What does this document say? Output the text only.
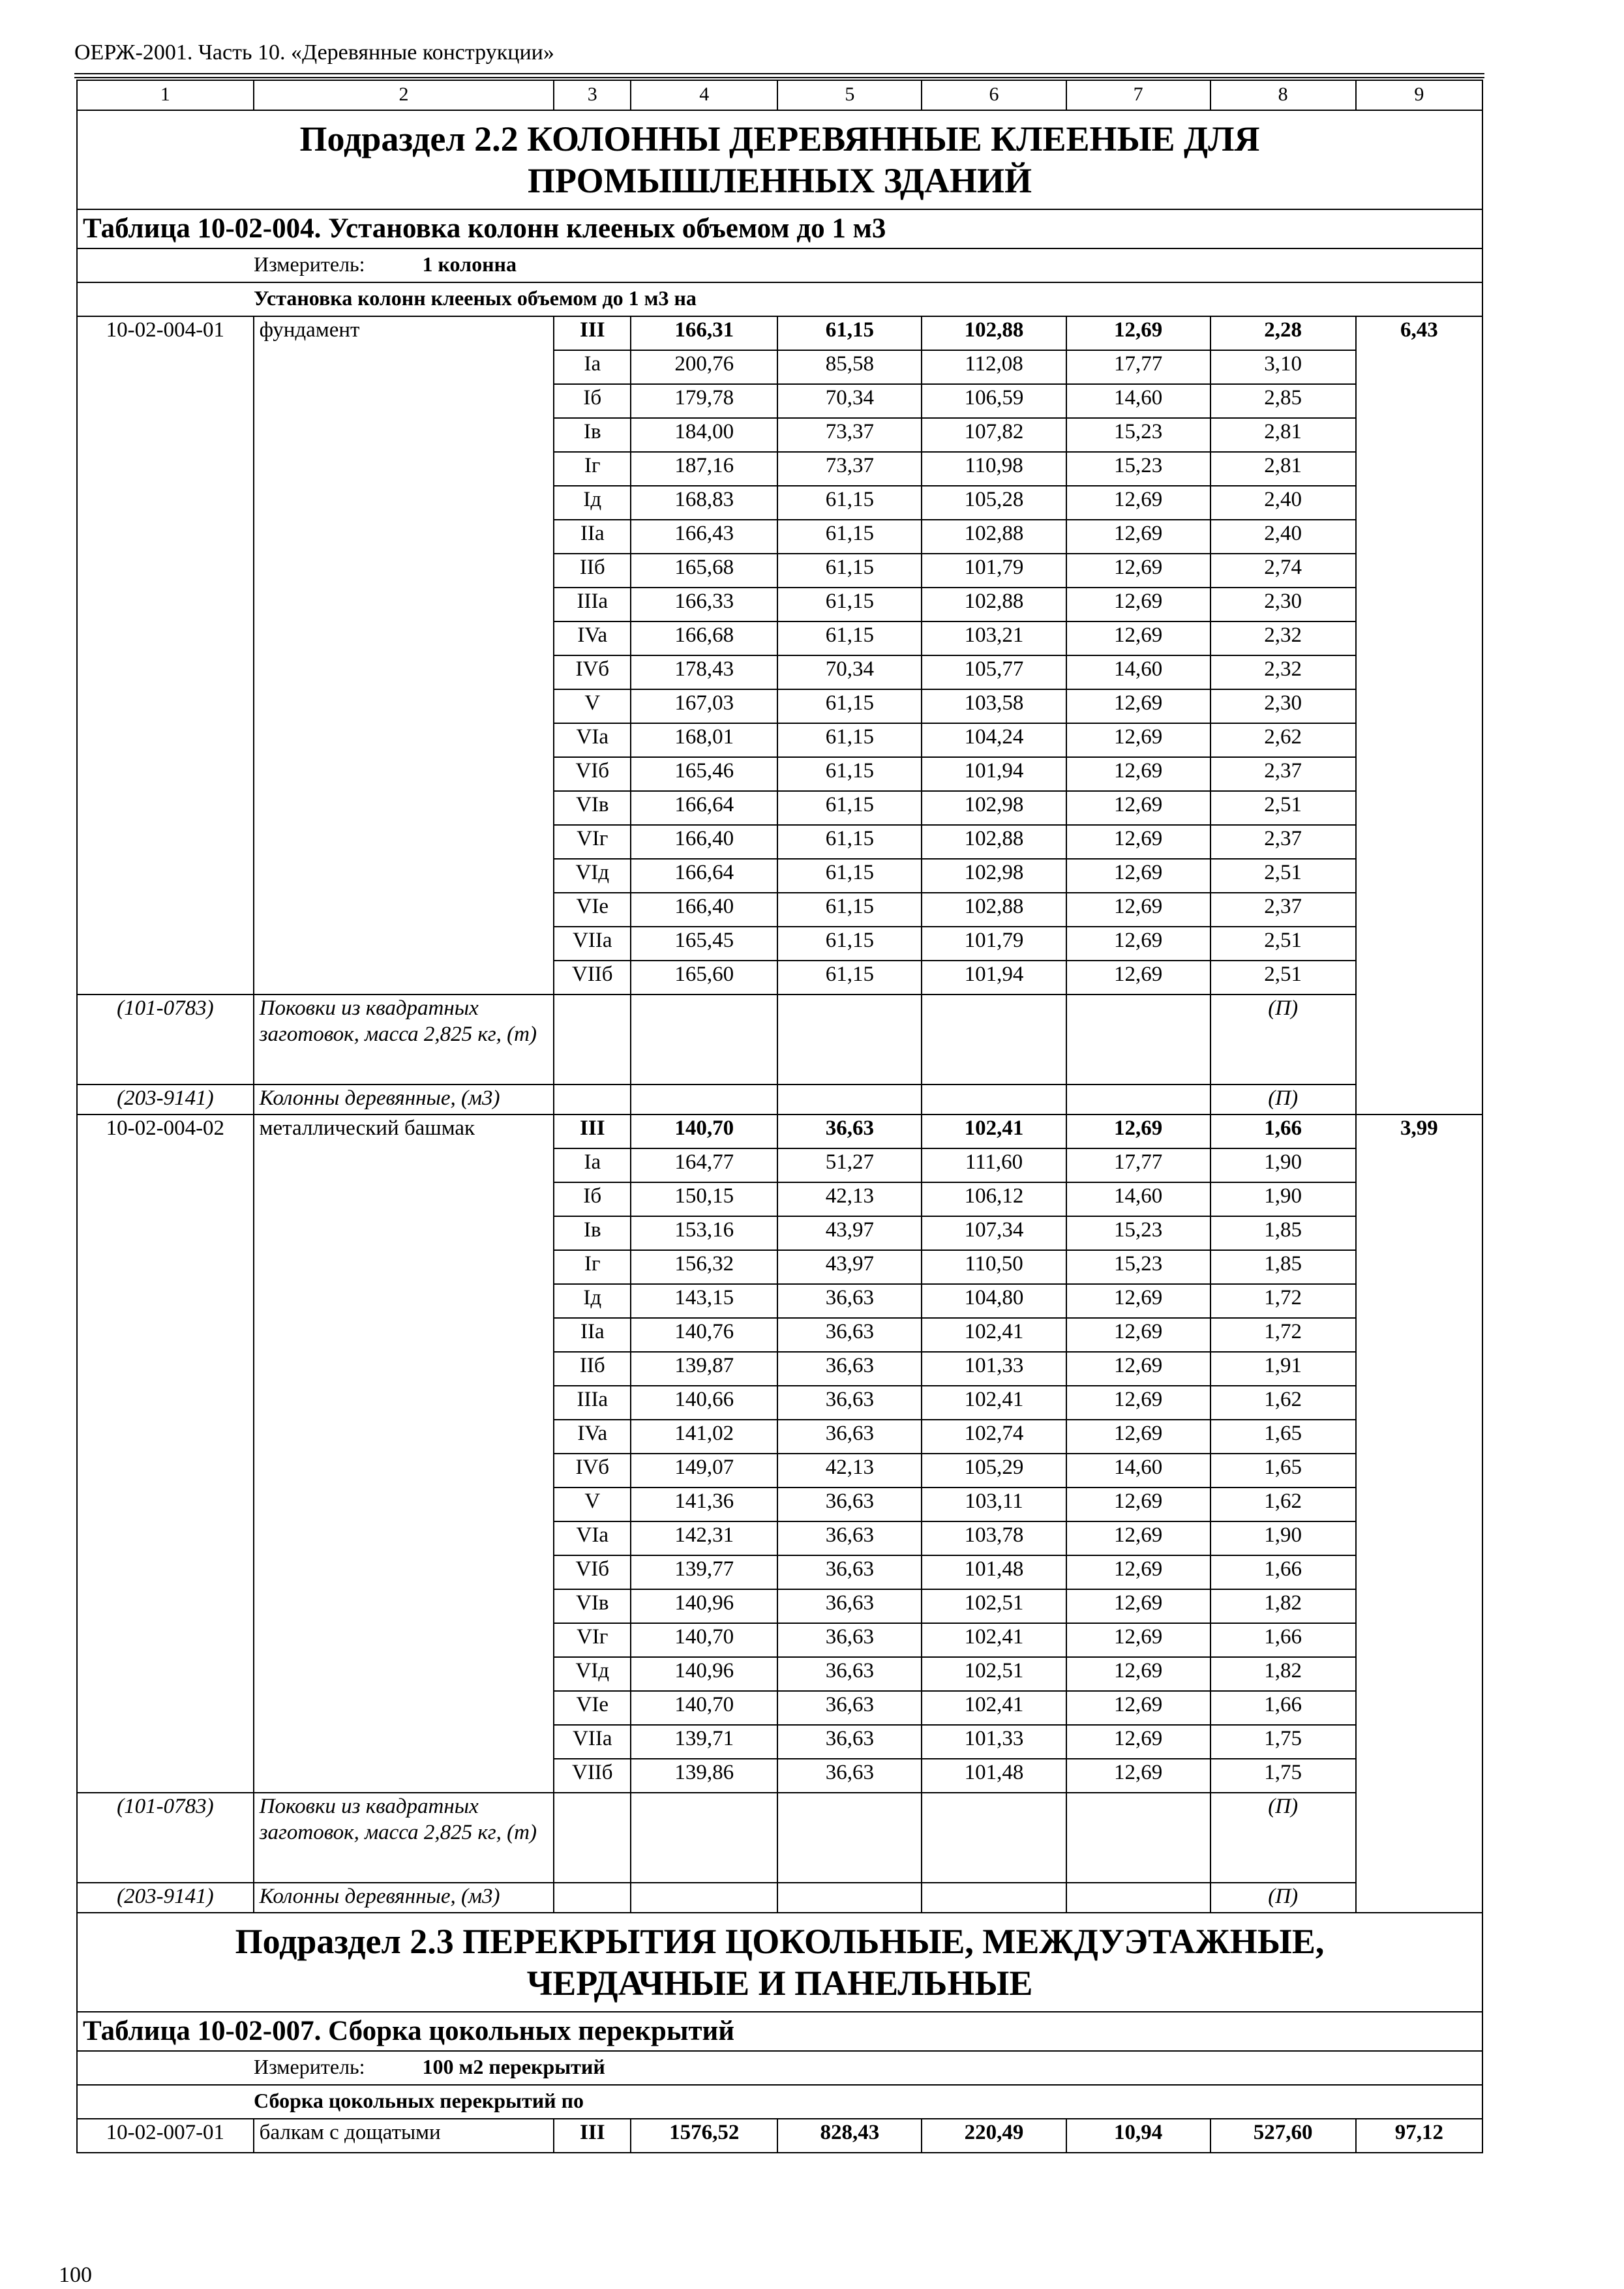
ОЕРЖ-2001. Часть 10. «Деревянные конструкции»
1	2	3	4	5	6	7	8	9
Подраздел 2.2 КОЛОННЫ ДЕРЕВЯННЫЕ КЛЕЕНЫЕ ДЛЯ
ПРОМЫШЛЕННЫХ ЗДАНИЙ								
Таблица 10-02-004. Установка колонн клееных объемом до 1 м3								
Измеритель: 1 колонна								
Установка колонн клееных объемом до 1 м3 на								
10-02-004-01	фундамент	III	166,31	61,15	102,88	12,69	2,28	6,43
		Ia	200,76	85,58	112,08	17,77	3,10	
		Iб	179,78	70,34	106,59	14,60	2,85	
		Iв	184,00	73,37	107,82	15,23	2,81	
		Iг	187,16	73,37	110,98	15,23	2,81	
		Iд	168,83	61,15	105,28	12,69	2,40	
		IIa	166,43	61,15	102,88	12,69	2,40	
		IIб	165,68	61,15	101,79	12,69	2,74	
		IIIa	166,33	61,15	102,88	12,69	2,30	
		IVa	166,68	61,15	103,21	12,69	2,32	
		IVб	178,43	70,34	105,77	14,60	2,32	
		V	167,03	61,15	103,58	12,69	2,30	
		VIa	168,01	61,15	104,24	12,69	2,62	
		VIб	165,46	61,15	101,94	12,69	2,37	
		VIв	166,64	61,15	102,98	12,69	2,51	
		VIг	166,40	61,15	102,88	12,69	2,37	
		VIд	166,64	61,15	102,98	12,69	2,51	
		VIe	166,40	61,15	102,88	12,69	2,37	
		VIIa	165,45	61,15	101,79	12,69	2,51	
		VIIб	165,60	61,15	101,94	12,69	2,51	
(101-0783)	Поковки из квадратных заготовок, масса 2,825 кг, (т)						(П)	
(203-9141)	Колонны деревянные, (м3)						(П)	
10-02-004-02	металлический башмак	III	140,70	36,63	102,41	12,69	1,66	3,99
		Ia	164,77	51,27	111,60	17,77	1,90	
		Iб	150,15	42,13	106,12	14,60	1,90	
		Iв	153,16	43,97	107,34	15,23	1,85	
		Iг	156,32	43,97	110,50	15,23	1,85	
		Iд	143,15	36,63	104,80	12,69	1,72	
		IIa	140,76	36,63	102,41	12,69	1,72	
		IIб	139,87	36,63	101,33	12,69	1,91	
		IIIa	140,66	36,63	102,41	12,69	1,62	
		IVa	141,02	36,63	102,74	12,69	1,65	
		IVб	149,07	42,13	105,29	14,60	1,65	
		V	141,36	36,63	103,11	12,69	1,62	
		VIa	142,31	36,63	103,78	12,69	1,90	
		VIб	139,77	36,63	101,48	12,69	1,66	
		VIв	140,96	36,63	102,51	12,69	1,82	
		VIг	140,70	36,63	102,41	12,69	1,66	
		VIд	140,96	36,63	102,51	12,69	1,82	
		VIe	140,70	36,63	102,41	12,69	1,66	
		VIIa	139,71	36,63	101,33	12,69	1,75	
		VIIб	139,86	36,63	101,48	12,69	1,75	
(101-0783)	Поковки из квадратных заготовок, масса 2,825 кг, (т)						(П)	
(203-9141)	Колонны деревянные, (м3)						(П)	
Подраздел 2.3 ПЕРЕКРЫТИЯ ЦОКОЛЬНЫЕ, МЕЖДУЭТАЖНЫЕ,
ЧЕРДАЧНЫЕ И ПАНЕЛЬНЫЕ								
Таблица 10-02-007. Сборка цокольных перекрытий								
Измеритель: 100 м2 перекрытий								
Сборка цокольных перекрытий по								
10-02-007-01	балкам с дощатыми	III	1576,52	828,43	220,49	10,94	527,60	97,12
100
